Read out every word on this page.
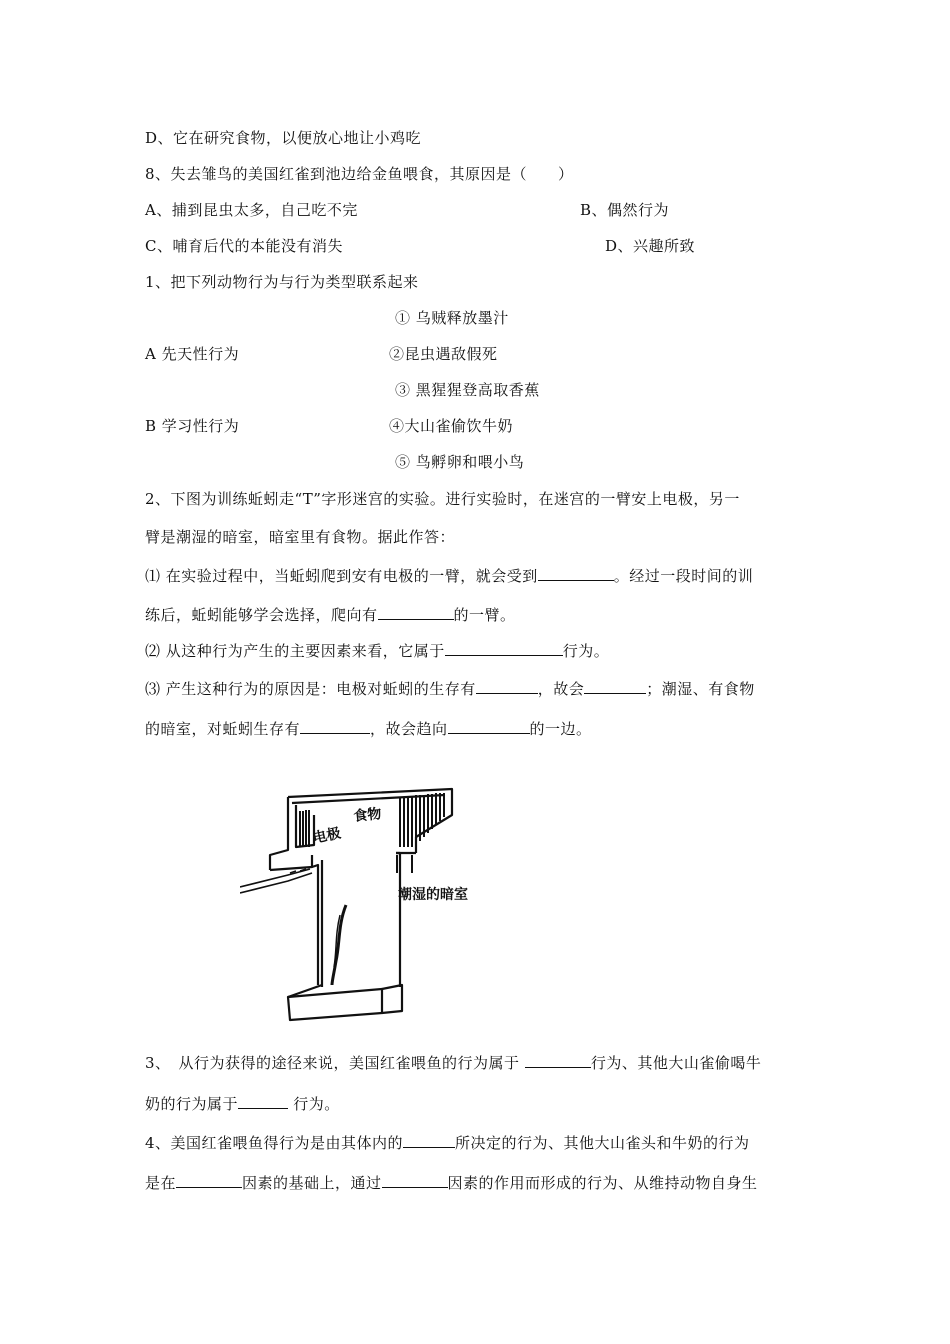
D、它在研究食物，以便放心地让小鸡吃
8、失去雏鸟的美国红雀到池边给金鱼喂食，其原因是（　　）
A、捕到昆虫太多，自己吃不完	B、偶然行为
C、哺育后代的本能没有消失	D、兴趣所致
1、把下列动物行为与行为类型联系起来
① 乌贼释放墨汁
A 先天性行为	②昆虫遇敌假死
③ 黑猩猩登高取香蕉
B 学习性行为	④大山雀偷饮牛奶
⑤ 鸟孵卵和喂小鸟
2、下图为训练蚯蚓走“T”字形迷宫的实验。进行实验时，在迷宫的一臂安上电极，另一
臂是潮湿的暗室，暗室里有食物。据此作答：
⑴ 在实验过程中，当蚯蚓爬到安有电极的一臂，就会受到	。经过一段时间的训
练后，蚯蚓能够学会选择，爬向有	的一臂。
⑵ 从这种行为产生的主要因素来看，它属于	行为。
⑶ 产生这种行为的原因是：电极对蚯蚓的生存有	，故会	；潮湿、有食物
的暗室，对蚯蚓生存有	，故会趋向	的一边。
电极
食物
潮湿的暗室
3、　从行为获得的途径来说，美国红雀喂鱼的行为属于	行为、其他大山雀偷喝牛
奶的行为属于	行为。
4、美国红雀喂鱼得行为是由其体内的	所决定的行为、其他大山雀头和牛奶的行为
是在	因素的基础上，通过	因素的作用而形成的行为、从维持动物自身生
